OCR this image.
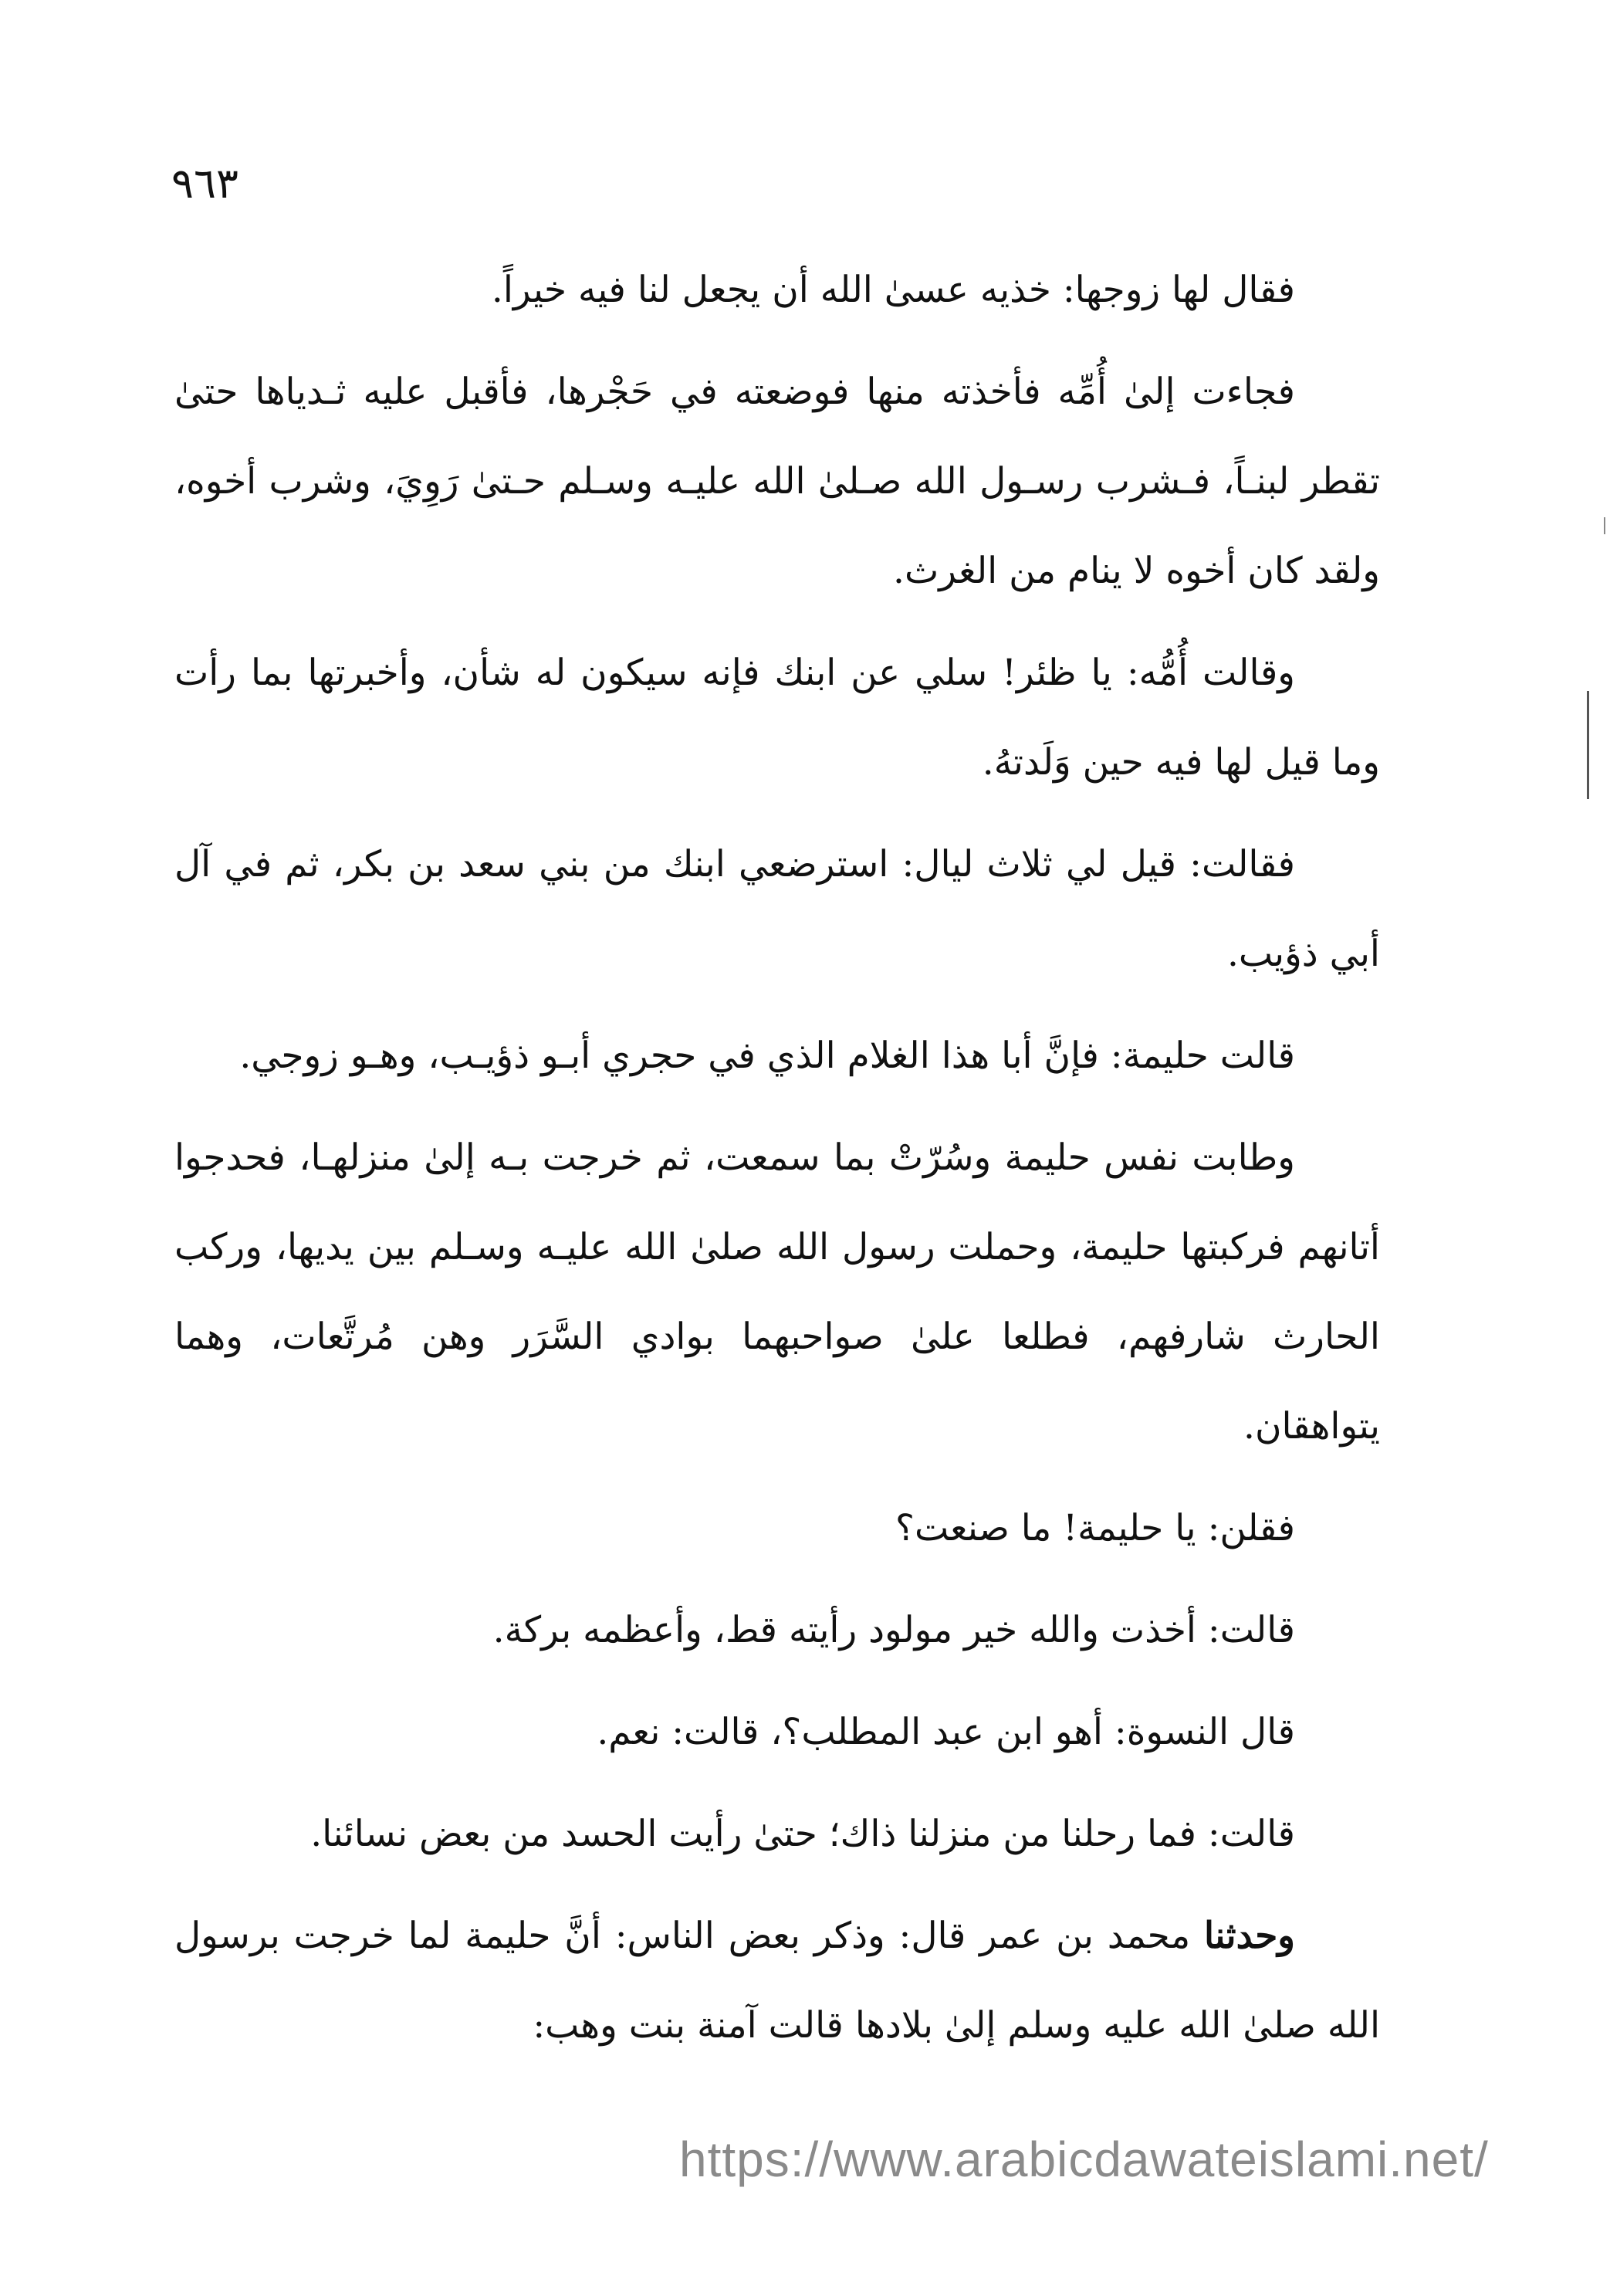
٩٦٣

فقال لها زوجها: خذيه عسىٰ الله أن يجعل لنا فيه خيراً.

فجاءت إلىٰ أُمِّه فأخذته منها فوضعته في حَجْرها، فأقبل عليه ثـدياها حتىٰ تقطر لبنـاً، فـشرب رسـول الله صـلىٰ الله عليـه وسـلم حـتىٰ رَوِيَ، وشرب أخوه، ولقد كان أخوه لا ينام من الغرث.

وقالت أُمُّه: يا ظئر! سلي عن ابنك فإنه سيكون له شأن، وأخبرتها بما رأت وما قيل لها فيه حين وَلَدتهُ.

فقالت: قيل لي ثلاث ليال: استرضعي ابنك من بني سعد بن بكر، ثم في آل أبي ذؤيب.

قالت حليمة: فإنَّ أبا هذا الغلام الذي في حجري أبـو ذؤيـب، وهـو زوجي.

وطابت نفس حليمة وسُرّتْ بما سمعت، ثم خرجت بـه إلىٰ منزلهـا، فحدجوا أتانهم فركبتها حليمة، وحملت رسول الله صلىٰ الله عليـه وسـلم بين يديها، وركب الحارث شارفهم، فطلعا علىٰ صواحبهما بوادي السَّرَر وهن مُرتَّعات، وهما يتواهقان.

فقلن: يا حليمة! ما صنعت؟

قالت: أخذت والله خير مولود رأيته قط، وأعظمه بركة.

قال النسوة: أهو ابن عبد المطلب؟، قالت: نعم.

قالت: فما رحلنا من منزلنا ذاك؛ حتىٰ رأيت الحسد من بعض نسائنا.

وحدثنا محمد بن عمر قال: وذكر بعض الناس: أنَّ حليمة لما خرجت برسول الله صلىٰ الله عليه وسلم إلىٰ بلادها قالت آمنة بنت وهب:

https://www.arabicdawateislami.net/
